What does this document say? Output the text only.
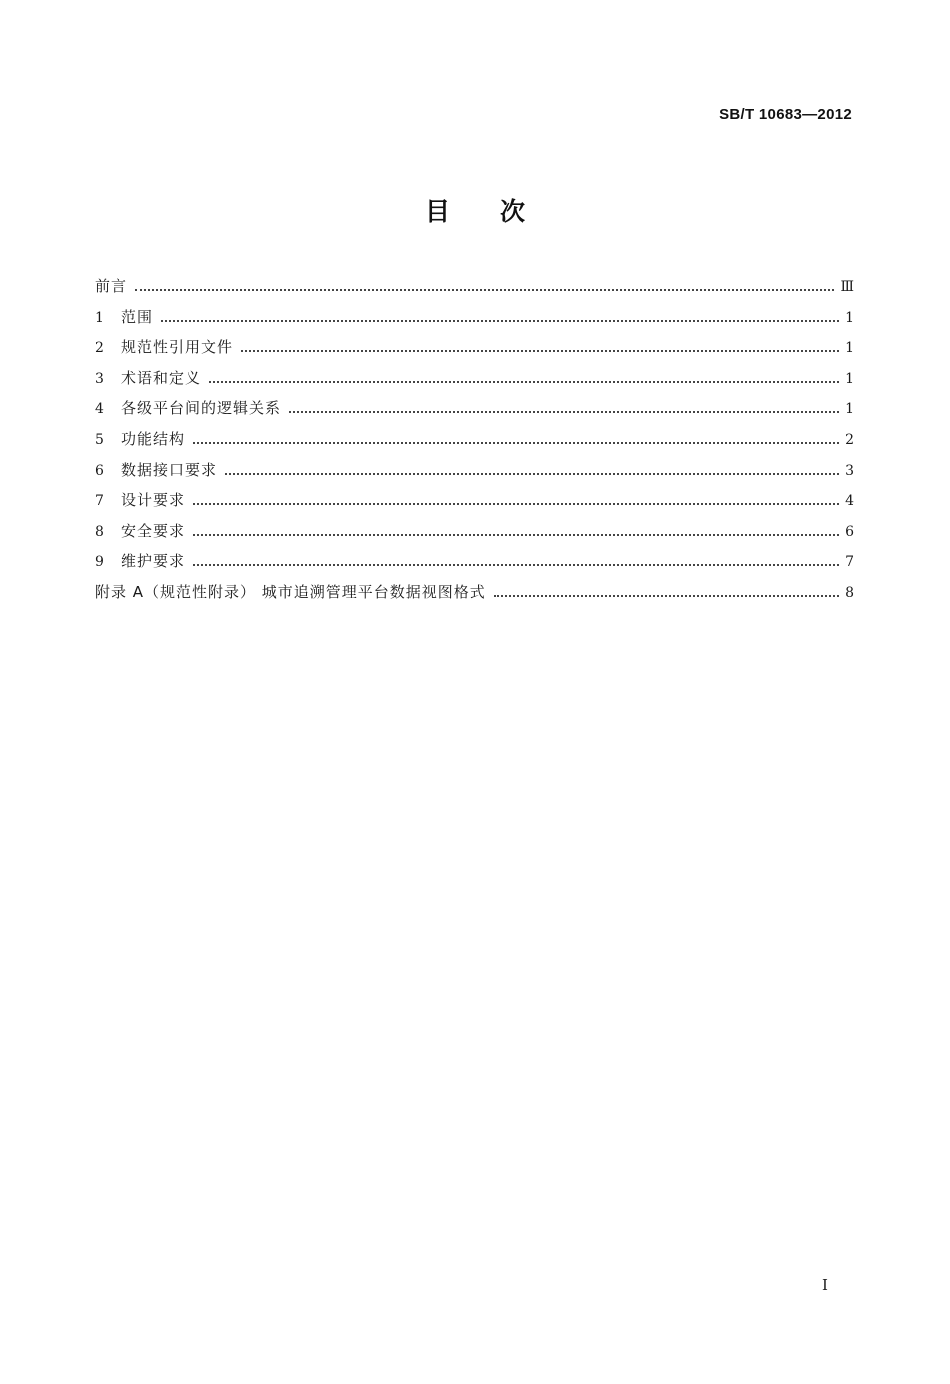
SB/T 10683—2012
目 次
前言	Ⅲ
1	范围	1
2	规范性引用文件	1
3	术语和定义	1
4	各级平台间的逻辑关系	1
5	功能结构	2
6	数据接口要求	3
7	设计要求	4
8	安全要求	6
9	维护要求	7
附录 A（规范性附录） 城市追溯管理平台数据视图格式	8
I
